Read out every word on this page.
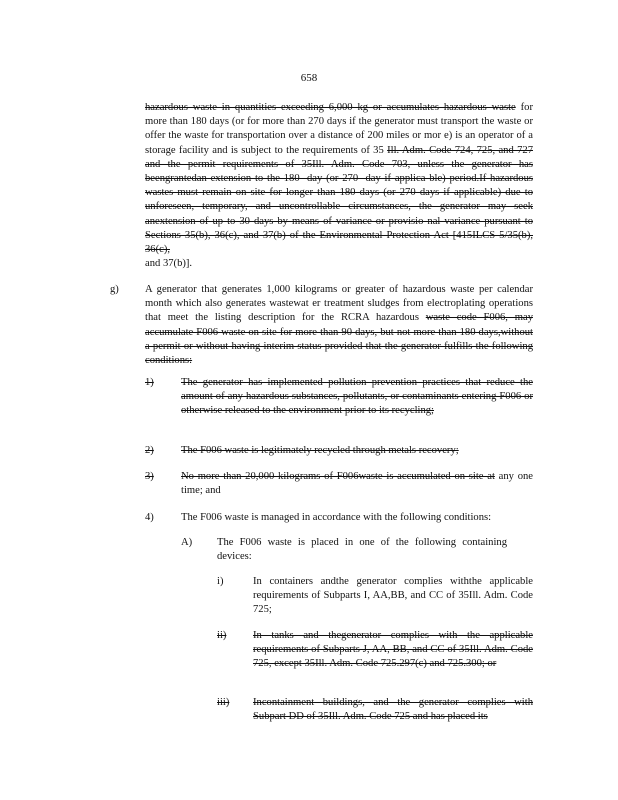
658

hazardous waste in quantities exceeding 6,000 kg or accumulates hazardous waste for more than 180 days (or for more than 270 days if the generator must transport the waste or offer the waste for transportation over a distance of 200 miles or mor e) is an operator of a storage facility and is subject to the requirements of 35 Ill. Adm. Code 724, 725, and 727 and the permit requirements of 35Ill. Adm. Code 703, unless the generator has beengrantedan extension to the 180- day (or 270- day if applica ble) period.If hazardous wastes must remain on site for longer than 180 days (or 270 days if applicable) due to unforeseen, temporary, and uncontrollable circumstances, the generator may seek anextension of up to 30 days by means of variance or provisio nal variance pursuant to Sections 35(b), 36(c), and 37(b) of the Environmental Protection Act [415ILCS 5/35(b), 36(c),
and 37(b)].

g) A generator that generates 1,000 kilograms or greater of hazardous waste per calendar month which also generates wastewat er treatment sludges from electroplating operations that meet the listing description for the RCRA hazardous waste code F006, may accumulate F006 waste on site for more than 90 days, but not more than 180 days,without a permit or without having interim status provided that the generator fulfills the following conditions:

1)	The generator has implemented pollution prevention practices that reduce the amount of any hazardous substances, pollutants, or contaminants entering F006 or otherwise released to the environment prior to its recycling;

2)	The F006 waste is legitimately recycled through metals recovery;

3)	No more than 20,000 kilograms of F006waste is accumulated on site at any one time; and

4)	The F006 waste is managed in accordance with the following conditions:

A) The F006 waste is placed in one of the following containing devices:

i)	In containers andthe generator complies withthe applicable requirements of Subparts I, AA,BB, and CC of 35Ill. Adm. Code 725;

ii)	In tanks and thegenerator complies with the applicable requirements of Subparts J, AA, BB, and CC of 35Ill. Adm. Code 725, except 35Ill. Adm. Code 725.297(c) and 725.300; or

iii) Incontainment buildings, and the generator complies with Subpart DD of 35Ill. Adm. Code 725 and has placed its
